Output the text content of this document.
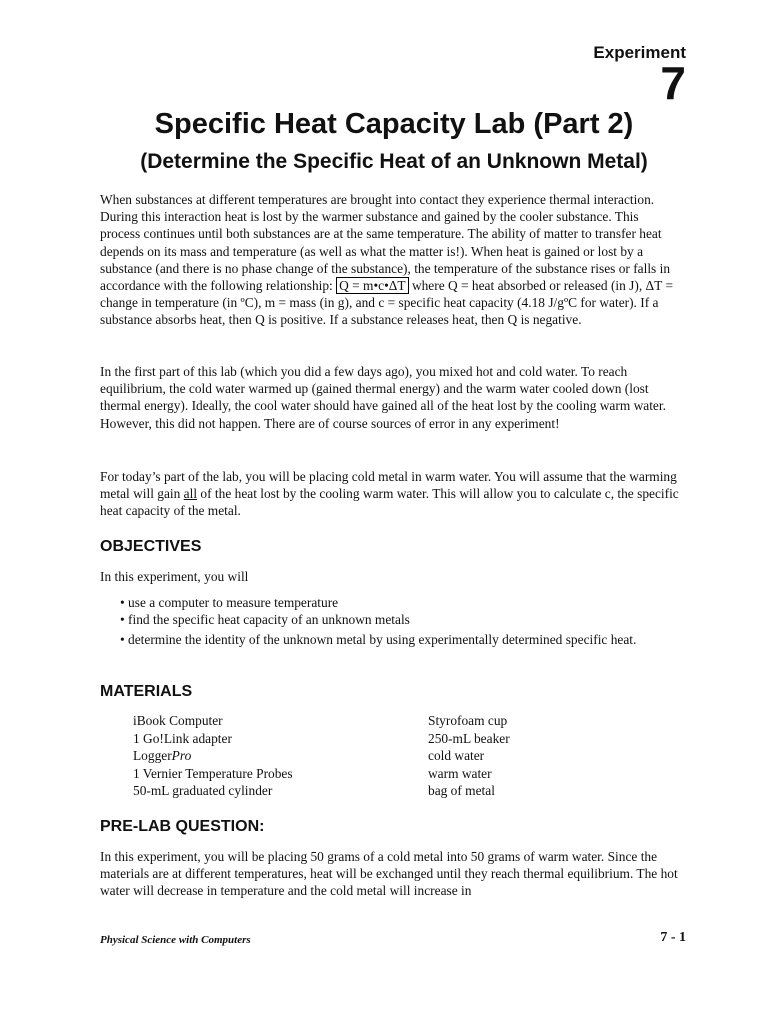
Experiment
7
Specific Heat Capacity Lab (Part 2)
(Determine the Specific Heat of an Unknown Metal)

When substances at different temperatures are brought into contact they experience thermal interaction. During this interaction heat is lost by the warmer substance and gained by the cooler substance. This process continues until both substances are at the same temperature. The ability of matter to transfer heat depends on its mass and temperature (as well as what the matter is!). When heat is gained or lost by a substance (and there is no phase change of the substance), the temperature of the substance rises or falls in accordance with the following relationship: Q = m•c•ΔT where Q = heat absorbed or released (in J), ΔT = change in temperature (in ºC), m = mass (in g), and c = specific heat capacity (4.18 J/gºC for water). If a substance absorbs heat, then Q is positive. If a substance releases heat, then Q is negative.

In the first part of this lab (which you did a few days ago), you mixed hot and cold water. To reach equilibrium, the cold water warmed up (gained thermal energy) and the warm water cooled down (lost thermal energy). Ideally, the cool water should have gained all of the heat lost by the cooling warm water. However, this did not happen. There are of course sources of error in any experiment!

For today’s part of the lab, you will be placing cold metal in warm water. You will assume that the warming metal will gain all of the heat lost by the cooling warm water. This will allow you to calculate c, the specific heat capacity of the metal.

OBJECTIVES

In this experiment, you will

• use a computer to measure temperature
• find the specific heat capacity of an unknown metals
• determine the identity of the unknown metal by using experimentally determined specific heat.
MATERIALS
iBook Computer
1 Go!Link adapter
LoggerPro
1 Vernier Temperature Probes
50-mL graduated cylinder
Styrofoam cup
250-mL beaker
cold water
warm water
bag of metal
PRE-LAB QUESTION:

In this experiment, you will be placing 50 grams of a cold metal into 50 grams of warm water. Since the materials are at different temperatures, heat will be exchanged until they reach thermal equilibrium. The hot water will decrease in temperature and the cold metal will increase in

Physical Science with Computers	7 - 1
